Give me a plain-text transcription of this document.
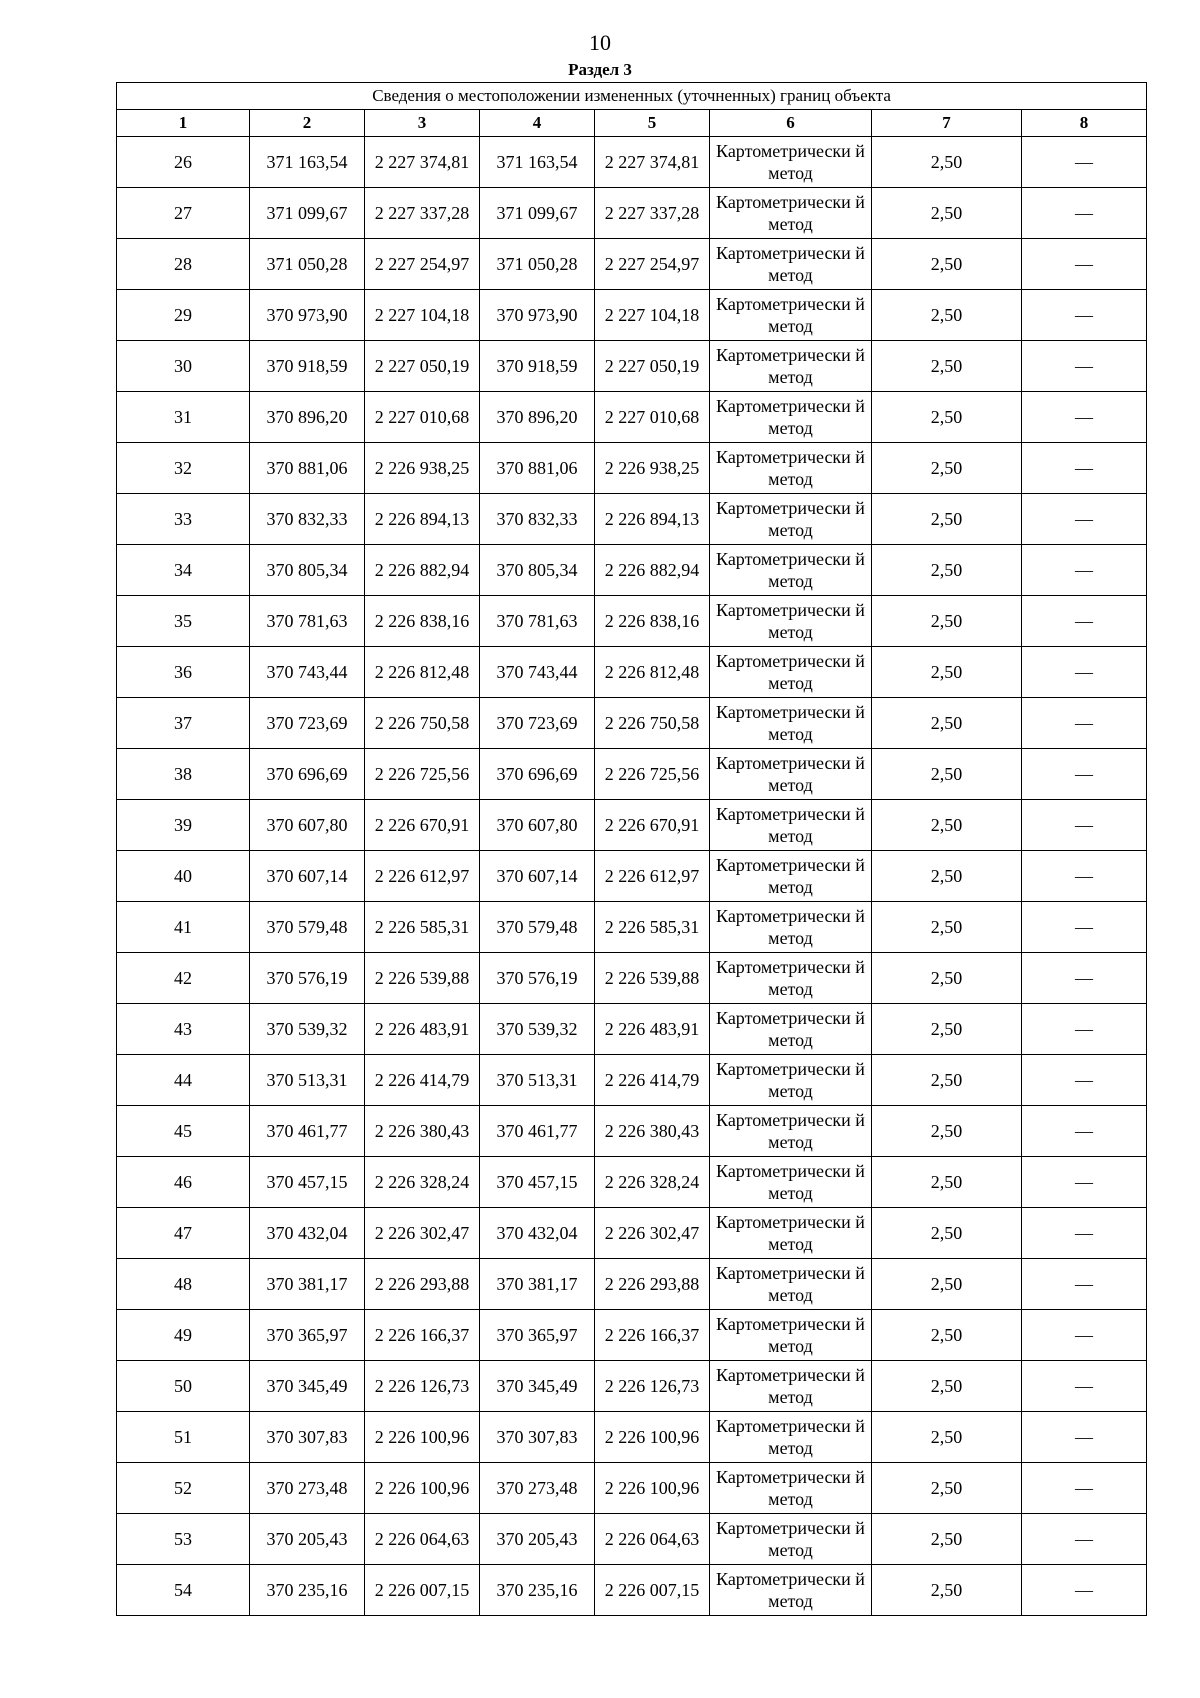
10
Раздел 3
Сведения о местоположении измененных (уточненных) границ объекта							
1	2	3	4	5	6	7	8
26	371 163,54	2 227 374,81	371 163,54	2 227 374,81	Картометрически й метод	2,50	—
27	371 099,67	2 227 337,28	371 099,67	2 227 337,28	Картометрически й метод	2,50	—
28	371 050,28	2 227 254,97	371 050,28	2 227 254,97	Картометрически й метод	2,50	—
29	370 973,90	2 227 104,18	370 973,90	2 227 104,18	Картометрически й метод	2,50	—
30	370 918,59	2 227 050,19	370 918,59	2 227 050,19	Картометрически й метод	2,50	—
31	370 896,20	2 227 010,68	370 896,20	2 227 010,68	Картометрически й метод	2,50	—
32	370 881,06	2 226 938,25	370 881,06	2 226 938,25	Картометрически й метод	2,50	—
33	370 832,33	2 226 894,13	370 832,33	2 226 894,13	Картометрически й метод	2,50	—
34	370 805,34	2 226 882,94	370 805,34	2 226 882,94	Картометрически й метод	2,50	—
35	370 781,63	2 226 838,16	370 781,63	2 226 838,16	Картометрически й метод	2,50	—
36	370 743,44	2 226 812,48	370 743,44	2 226 812,48	Картометрически й метод	2,50	—
37	370 723,69	2 226 750,58	370 723,69	2 226 750,58	Картометрически й метод	2,50	—
38	370 696,69	2 226 725,56	370 696,69	2 226 725,56	Картометрически й метод	2,50	—
39	370 607,80	2 226 670,91	370 607,80	2 226 670,91	Картометрически й метод	2,50	—
40	370 607,14	2 226 612,97	370 607,14	2 226 612,97	Картометрически й метод	2,50	—
41	370 579,48	2 226 585,31	370 579,48	2 226 585,31	Картометрически й метод	2,50	—
42	370 576,19	2 226 539,88	370 576,19	2 226 539,88	Картометрически й метод	2,50	—
43	370 539,32	2 226 483,91	370 539,32	2 226 483,91	Картометрически й метод	2,50	—
44	370 513,31	2 226 414,79	370 513,31	2 226 414,79	Картометрически й метод	2,50	—
45	370 461,77	2 226 380,43	370 461,77	2 226 380,43	Картометрически й метод	2,50	—
46	370 457,15	2 226 328,24	370 457,15	2 226 328,24	Картометрически й метод	2,50	—
47	370 432,04	2 226 302,47	370 432,04	2 226 302,47	Картометрически й метод	2,50	—
48	370 381,17	2 226 293,88	370 381,17	2 226 293,88	Картометрически й метод	2,50	—
49	370 365,97	2 226 166,37	370 365,97	2 226 166,37	Картометрически й метод	2,50	—
50	370 345,49	2 226 126,73	370 345,49	2 226 126,73	Картометрически й метод	2,50	—
51	370 307,83	2 226 100,96	370 307,83	2 226 100,96	Картометрически й метод	2,50	—
52	370 273,48	2 226 100,96	370 273,48	2 226 100,96	Картометрически й метод	2,50	—
53	370 205,43	2 226 064,63	370 205,43	2 226 064,63	Картометрически й метод	2,50	—
54	370 235,16	2 226 007,15	370 235,16	2 226 007,15	Картометрически й метод	2,50	—
